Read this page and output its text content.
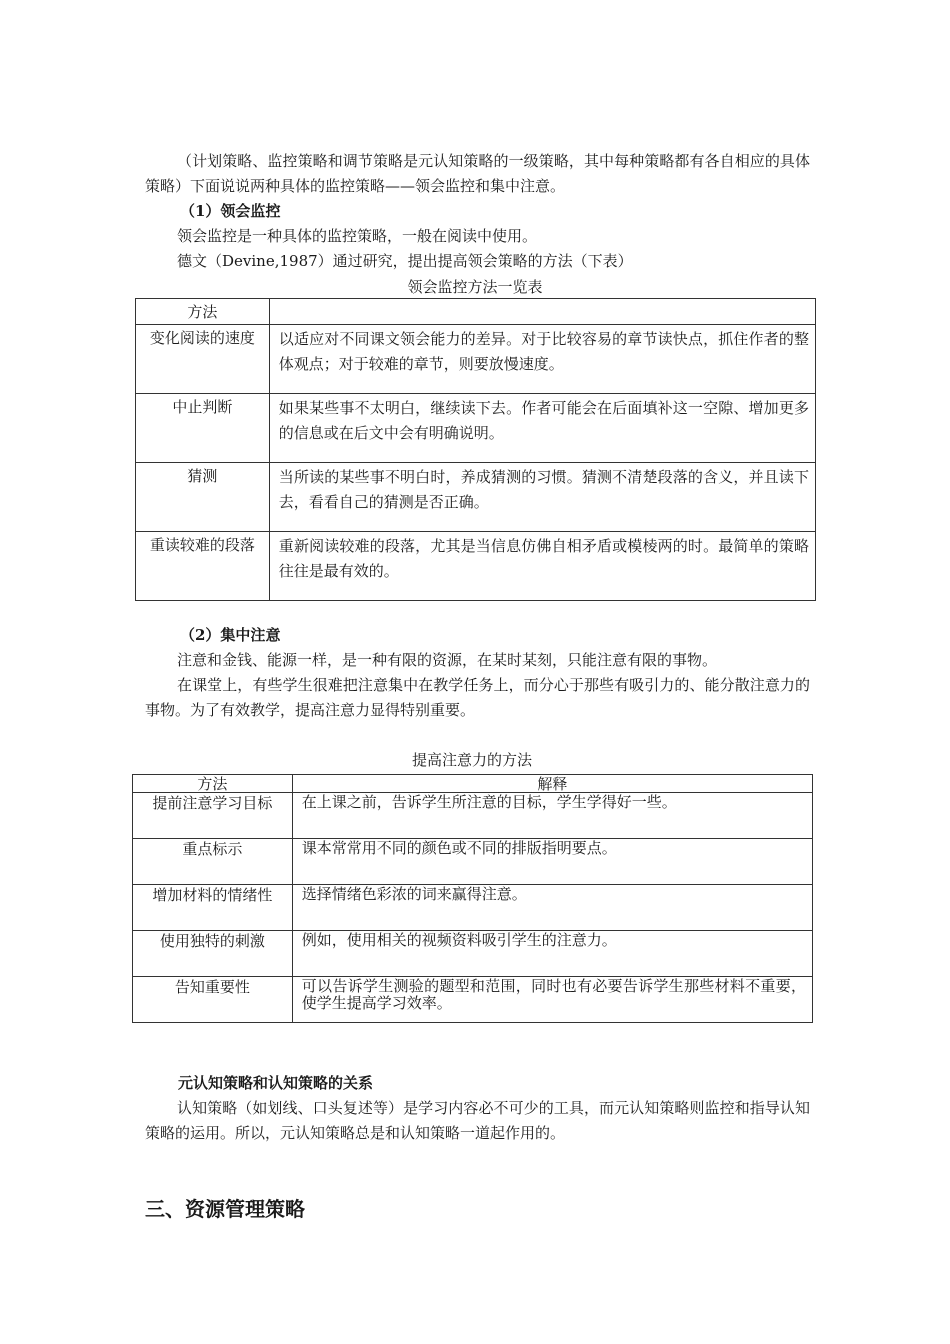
（计划策略、监控策略和调节策略是元认知策略的一级策略，其中每种策略都有各自相应的具体策略）下面说说两种具体的监控策略——领会监控和集中注意。
（1）领会监控
领会监控是一种具体的监控策略，一般在阅读中使用。
德文（Devine,1987）通过研究，提出提高领会策略的方法（下表）
领会监控方法一览表
方法	
变化阅读的速度	以适应对不同课文领会能力的差异。对于比较容易的章节读快点，抓住作者的整体观点；对于较难的章节，则要放慢速度。
中止判断	如果某些事不太明白，继续读下去。作者可能会在后面填补这一空隙、增加更多的信息或在后文中会有明确说明。
猜测	当所读的某些事不明白时，养成猜测的习惯。猜测不清楚段落的含义，并且读下去，看看自己的猜测是否正确。
重读较难的段落	重新阅读较难的段落，尤其是当信息仿佛自相矛盾或模棱两的时。最简单的策略往往是最有效的。
（2）集中注意
注意和金钱、能源一样，是一种有限的资源，在某时某刻，只能注意有限的事物。
在课堂上，有些学生很难把注意集中在教学任务上，而分心于那些有吸引力的、能分散注意力的事物。为了有效教学，提高注意力显得特别重要。
提高注意力的方法
方法	解释
提前注意学习目标	在上课之前，告诉学生所注意的目标，学生学得好一些。
重点标示	课本常常用不同的颜色或不同的排版指明要点。
增加材料的情绪性	选择情绪色彩浓的词来赢得注意。
使用独特的刺激	例如，使用相关的视频资料吸引学生的注意力。
告知重要性	可以告诉学生测验的题型和范围，同时也有必要告诉学生那些材料不重要，使学生提高学习效率。
元认知策略和认知策略的关系
认知策略（如划线、口头复述等）是学习内容必不可少的工具，而元认知策略则监控和指导认知策略的运用。所以，元认知策略总是和认知策略一道起作用的。
三、资源管理策略
